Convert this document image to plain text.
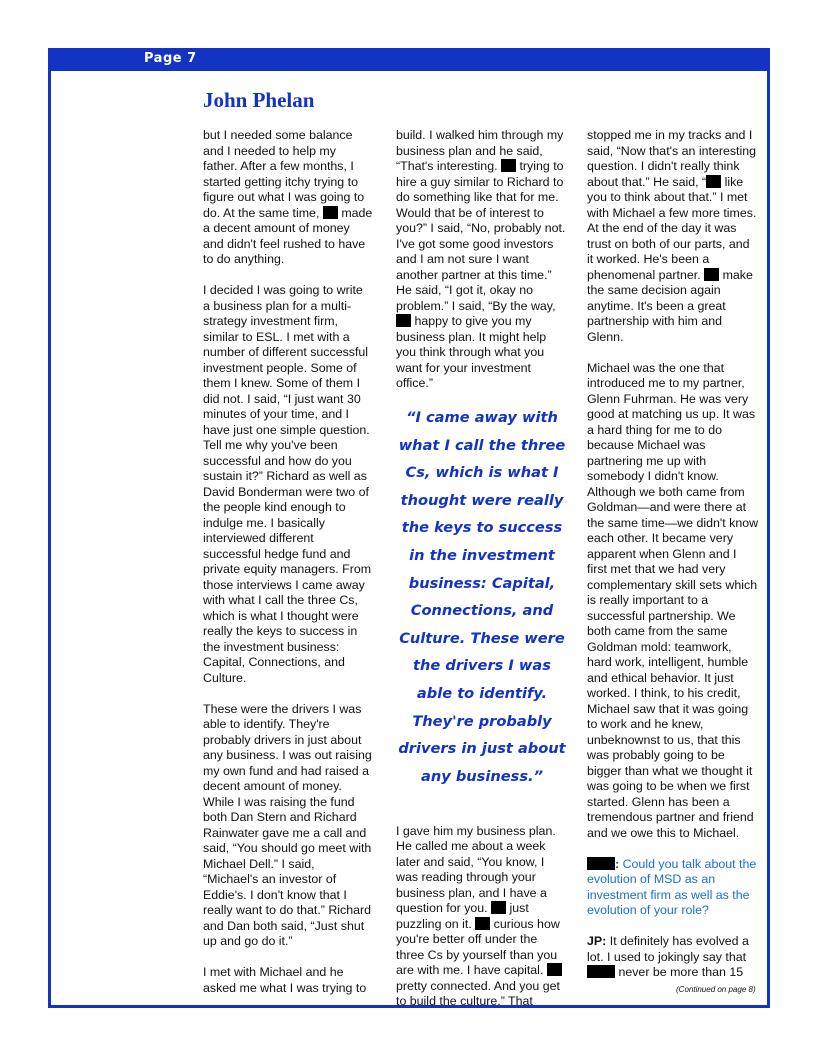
Page 7
John Phelan

but I needed some balance and I needed to help my father. After a few months, I started getting itchy trying to figure out what I was going to do. At the same time, made a decent amount of money and didn't feel rushed to have to do anything.

I decided I was going to write a business plan for a multi-strategy investment firm, similar to ESL. I met with a number of different successful investment people. Some of them I knew. Some of them I did not. I said, “I just want 30 minutes of your time, and I have just one simple question. Tell me why you've been successful and how do you sustain it?” Richard as well as David Bonderman were two of the people kind enough to indulge me. I basically interviewed different successful hedge fund and private equity managers. From those interviews I came away with what I call the three Cs, which is what I thought were really the keys to success in the investment business: Capital, Connections, and Culture.

These were the drivers I was able to identify. They're probably drivers in just about any business. I was out raising my own fund and had raised a decent amount of money. While I was raising the fund both Dan Stern and Richard Rainwater gave me a call and said, “You should go meet with Michael Dell.” I said, “Michael's an investor of Eddie's. I don't know that I really want to do that.” Richard and Dan both said, “Just shut up and go do it.”

I met with Michael and he asked me what I was trying to

build. I walked him through my business plan and he said, “That's interesting. trying to hire a guy similar to Richard to do something like that for me. Would that be of interest to you?” I said, “No, probably not. I've got some good investors and I am not sure I want another partner at this time.” He said, “I got it, okay no problem.” I said, “By the way,  happy to give you my business plan. It might help you think through what you want for your investment office.”

I gave him my business plan. He called me about a week later and said, “You know, I was reading through your business plan, and I have a question for you. just puzzling on it. curious how you're better off under the three Cs by yourself than you are with me. I have capital.  pretty connected. And you get to build the culture.” That

“I came away with what I call the three Cs, which is what I thought were really the keys to success in the investment business: Capital, Connections, and Culture. These were the drivers I was able to identify. They're probably drivers in just about any business.”

stopped me in my tracks and I said, “Now that's an interesting question. I didn't really think about that.” He said, “ like you to think about that.” I met with Michael a few more times. At the end of the day it was trust on both of our parts, and it worked. He's been a phenomenal partner. make the same decision again anytime. It's been a great partnership with him and Glenn.

Michael was the one that introduced me to my partner, Glenn Fuhrman. He was very good at matching us up. It was a hard thing for me to do because Michael was partnering me up with somebody I didn't know. Although we both came from Goldman—and were there at the same time—we didn't know each other. It became very apparent when Glenn and I first met that we had very complementary skill sets which is really important to a successful partnership. We both came from the same Goldman mold: teamwork, hard work, intelligent, humble and ethical behavior. It just worked. I think, to his credit, Michael saw that it was going to work and he knew, unbeknownst to us, that this was probably going to be bigger than what we thought it was going to be when we first started. Glenn has been a tremendous partner and friend and we owe this to Michael.

: Could you talk about the evolution of MSD as an investment firm as well as the evolution of your role?

JP: It definitely has evolved a lot. I used to jokingly say that  never be more than 15

(Continued on page 8)
